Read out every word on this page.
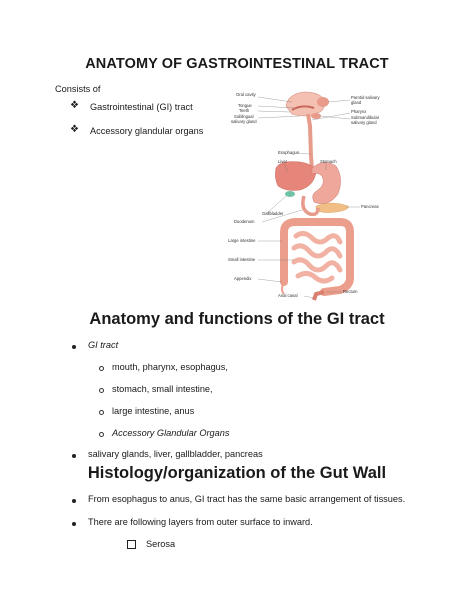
ANATOMY OF GASTROINTESTINAL TRACT
Consists of
❖ Gastrointestinal (GI) tract
❖ Accessory glandular organs
Oral cavity
Tongue
Teeth
Sublingual
salivary gland
Parotid salivary
gland
Pharynx
Submandibular
salivary gland
Esophagus
Liver	Stomach
Pancreas
Gallbladder
Duodenum
Large intestine
Small intestine
Appendix
Rectum
Anal canal
Anatomy and functions of the GI tract
GI tract
mouth, pharynx, esophagus,
stomach, small intestine,
large intestine, anus
Accessory Glandular Organs
salivary glands, liver, gallbladder, pancreas
Histology/organization of the Gut Wall
From esophagus to anus, GI tract has the same basic arrangement of tissues.
There are following layers from outer surface to inward.
Serosa
